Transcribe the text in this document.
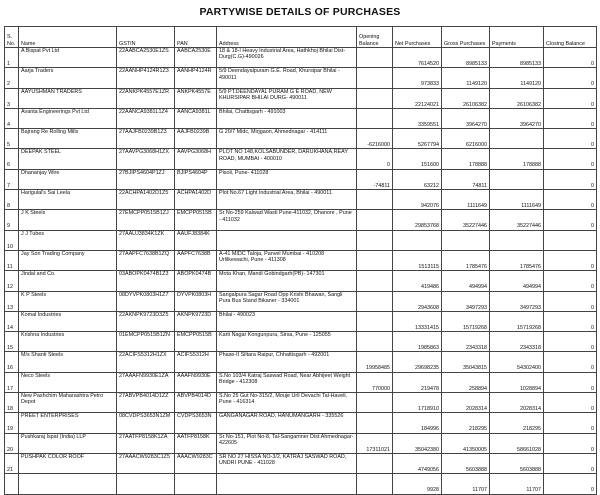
PARTYWISE DETAILS OF PURCHASES
S. No.	Name	GSTIN	PAN	Address	Opening Balance	Net Purchases	Gross Purchases	Payments	Closing Balance
1	A Bispat Pvt Ltd	22AABCA2530E1ZS	AABCA2530E	18 & 18-I Heavy Industrial Area, Hathkhoj Bhilai Dist-Durg(C.G)-490026		7614520	8985133	8985133	0
2	Aarja Traders	22AANHP4124R1Z3	AANHP4124R	5/9 Deendayalpuram G.E. Road, Khursipar Bhilai - 490011		973833	1149120	1149120	0
3	AAYUSHMAN TRADERS	22ANKPK4557E1ZR	ANKPK4557E	5/9 PT.DEENDAYAL PURAM G E ROAD, NEW KHURSIPAR BHILAI DURG- 490011		22124021	26106382	26106382	0
4	Avanta Engineerings Pvt Ltd	22AANCA9381L1Z4	AANCA9381L	Bhilai, Chattisgarh - 491003		3359551	3964270	3964270	0
5	Bajrang Re Rolling Mills	27AAJFB0239B1Z3	AAJFB0239B	G 20/7 Midc, Mirjgaon, Ahmednagar - 414111	-6216000	5267794	6216000		0
6	DEEPAK STEEL	27AAVPG3068H1ZX	AAVPG3068H	PLOT NO 148,KOLSABUNDER, DARUKHANA,REAY ROAD, MUMBAI - 400010	0	151600	178888	178888	0
7	Dhananjay Wire	27BJIPS4604P1ZJ	BJIPS4604P	Pisoli, Pune- 411028	-74811	63212	74811		0
8	Harigulal's Sai Leela	22ACHPA1402D1Z5	ACHPA1402D	Plot No.67 Light Industrial Area, Bhilai - 490011		942076	1111649	1111649	0
9	J K Steels	27EMCPP0515B1ZJ	EMCPP0515B	Sr No-259 Kalwad Wasti Pune-411032, Dhanore , Pune - 411032		29853768	35227446	35227446	0
10	J J Tubes	27AAUJ3834K1ZK	AAUFJ8384K						
11	Jay Son Trading Company	27AAPFC7638B1ZQ	AAPFC7638B	A-41 MIDC Taloja, Panvel Mumbai - 410208 Urlilkewachi, Pune - 411308		1513115	1785476	1785476	0
12	Jindal and Co.	03ABOPK0474B1Z3	ABOPK0474B	Mota Khan, Mandi Gobindgarh(PB)- 147301		419486	494994	494994	0
13	K P Steels	08DYVPK0803H1Z7	DYVPK0803H	Sangalpura Sagar Road Opp Krishi Bhawan, Sangli Pura Bus Stand Bikaner - 334001		2943608	3497293	3497293	0
14	Komal Industries	22AKNPK9723D3Z5	AKNPK9723D	Bhilai - 490023		13331415	15719268	15719268	0
15	Krishna Industries	01EMCPP0515B1ZN	EMCPP0515B	Karti Nagar Kongunpura, Sirsa, Pune - 125055		1985863	2343318	2343318	0
16	M/s Shanti Steels	22ACIFS5312H1ZX	ACIFS5312H	Phase-II Siltara Raipur, Chhattisgarh - 492001	19958485	29698235	35043815	54302400	0
17	Neco Steels	27AAAFN9930E1ZA	AAAFN9930E	S.No 103/4 Katraj Saswad Road, Near Abhijeet Weight Bridge - 412308	770000	219478	258894	1028894	0
18	New Pashchim Maharashtra Petro Depot	27ABVPB4014D1ZZ	ABVPB4014D	S.No 25 Gut No-315/2, Mouje Urli Devachi Tal-Haveli, Pune - 416314		1718910	2028314	2028314	0
19	PREET ENTERPRISES	08CVDPS3653N1ZM	CVDPS3653N	GANGANAGAR ROAD, HANUMANGARH - 335526		184996	218295	218295	0
20	Pushkaraj Ispat (India) LLP	27AATFP8158K1ZA	AATFP8158K	Sr No-151, Plot No-8, Tal-Sangamner Dist.Ahmednagar- 422605	17311021	35042380	41350005	58661028	0
21	PUSHPAK COLOR ROOF	27AAACW9283C1Z5	AAACW9283C	SR NO 27 HISSA NO-3/2, KATRAJ SASWAD ROAD, UNDRI PUNE - 411028		4749056	5603888	5603888	0
						9928	11707	11707	0
